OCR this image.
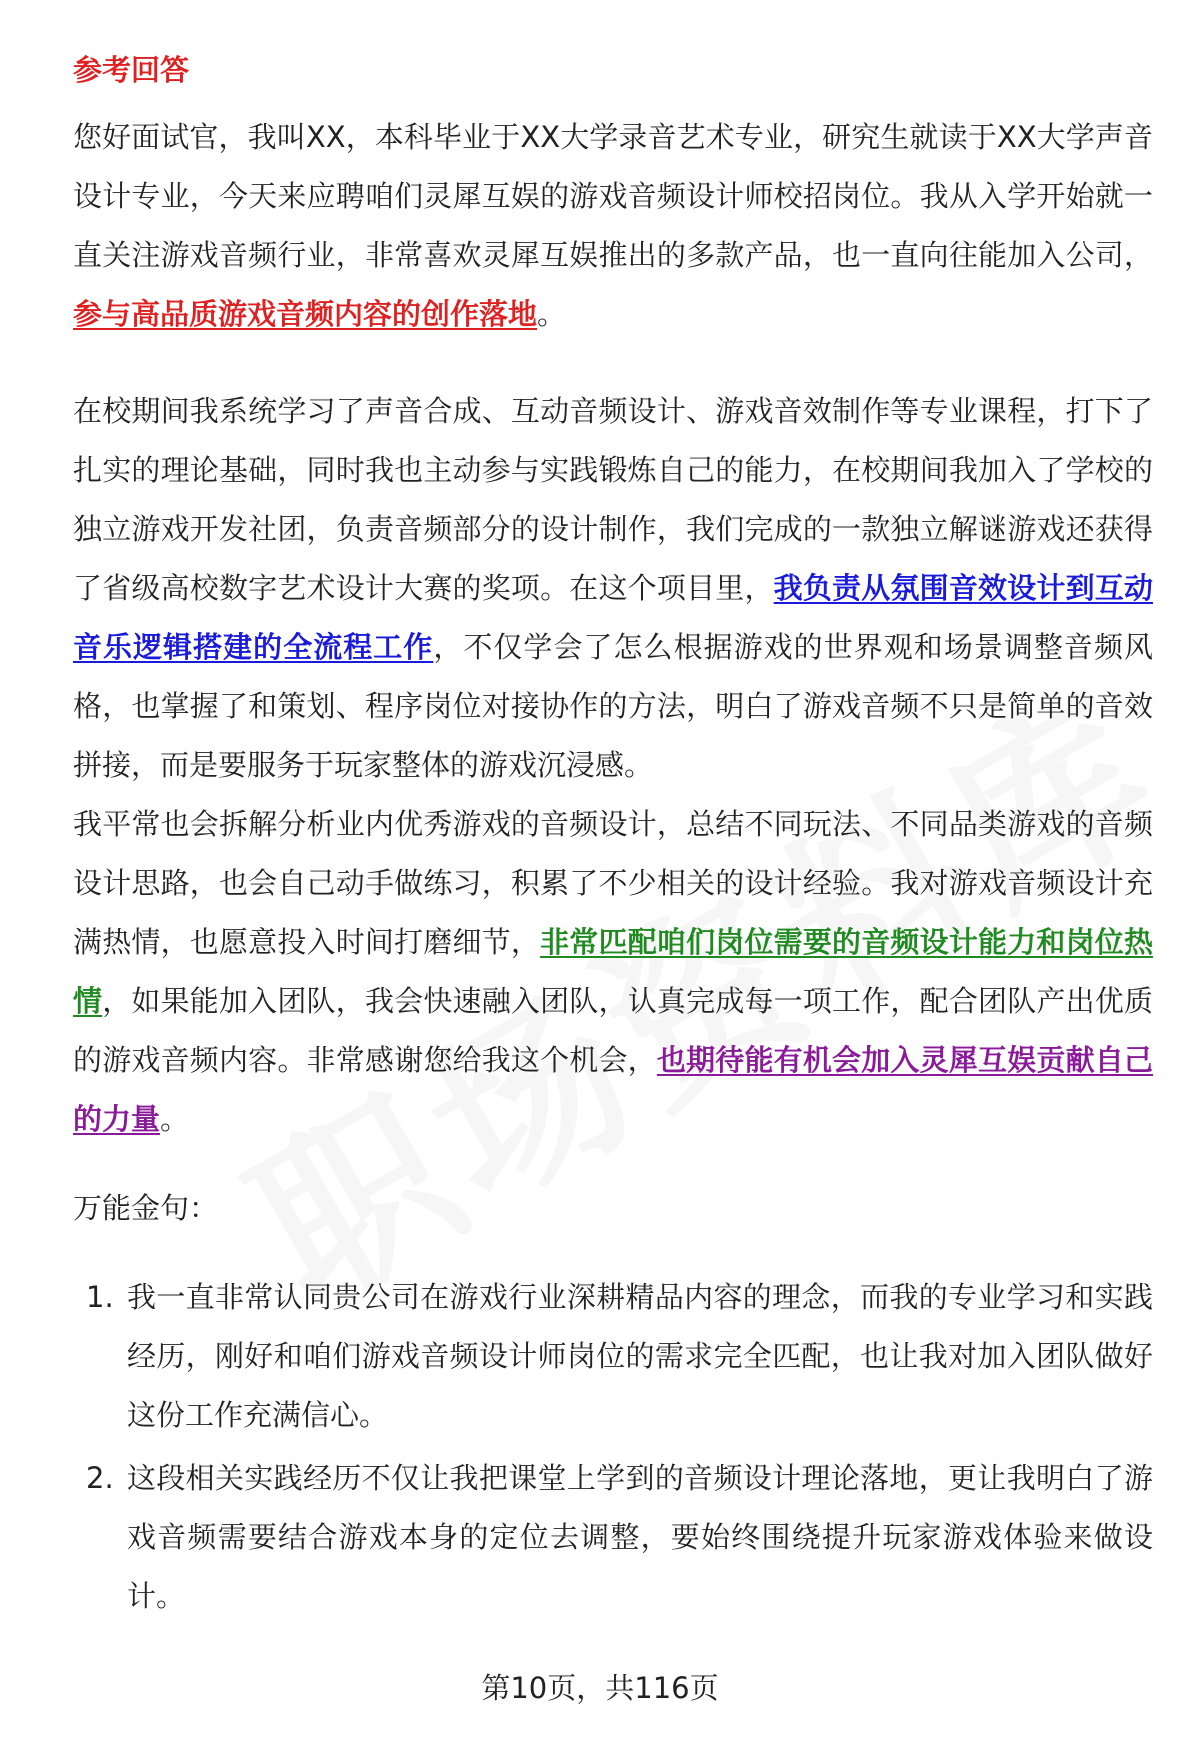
参考回答

您好面试官，我叫XX，本科毕业于XX大学录音艺术专业，研究生就读于XX大学声音设计专业，今天来应聘咱们灵犀互娱的游戏音频设计师校招岗位。我从入学开始就一直关注游戏音频行业，非常喜欢灵犀互娱推出的多款产品，也一直向往能加入公司，参与高品质游戏音频内容的创作落地。

在校期间我系统学习了声音合成、互动音频设计、游戏音效制作等专业课程，打下了扎实的理论基础，同时我也主动参与实践锻炼自己的能力，在校期间我加入了学校的独立游戏开发社团，负责音频部分的设计制作，我们完成的一款独立解谜游戏还获得了省级高校数字艺术设计大赛的奖项。在这个项目里，我负责从氛围音效设计到互动音乐逻辑搭建的全流程工作，不仅学会了怎么根据游戏的世界观和场景调整音频风格，也掌握了和策划、程序岗位对接协作的方法，明白了游戏音频不只是简单的音效拼接，而是要服务于玩家整体的游戏沉浸感。

我平常也会拆解分析业内优秀游戏的音频设计，总结不同玩法、不同品类游戏的音频设计思路，也会自己动手做练习，积累了不少相关的设计经验。我对游戏音频设计充满热情，也愿意投入时间打磨细节，非常匹配咱们岗位需要的音频设计能力和岗位热情，如果能加入团队，我会快速融入团队，认真完成每一项工作，配合团队产出优质的游戏音频内容。非常感谢您给我这个机会，也期待能有机会加入灵犀互娱贡献自己的力量。

万能金句：

1. 我一直非常认同贵公司在游戏行业深耕精品内容的理念，而我的专业学习和实践经历，刚好和咱们游戏音频设计师岗位的需求完全匹配，也让我对加入团队做好这份工作充满信心。
2. 这段相关实践经历不仅让我把课堂上学到的音频设计理论落地，更让我明白了游戏音频需要结合游戏本身的定位去调整，要始终围绕提升玩家游戏体验来做设计。
第10页，共116页
